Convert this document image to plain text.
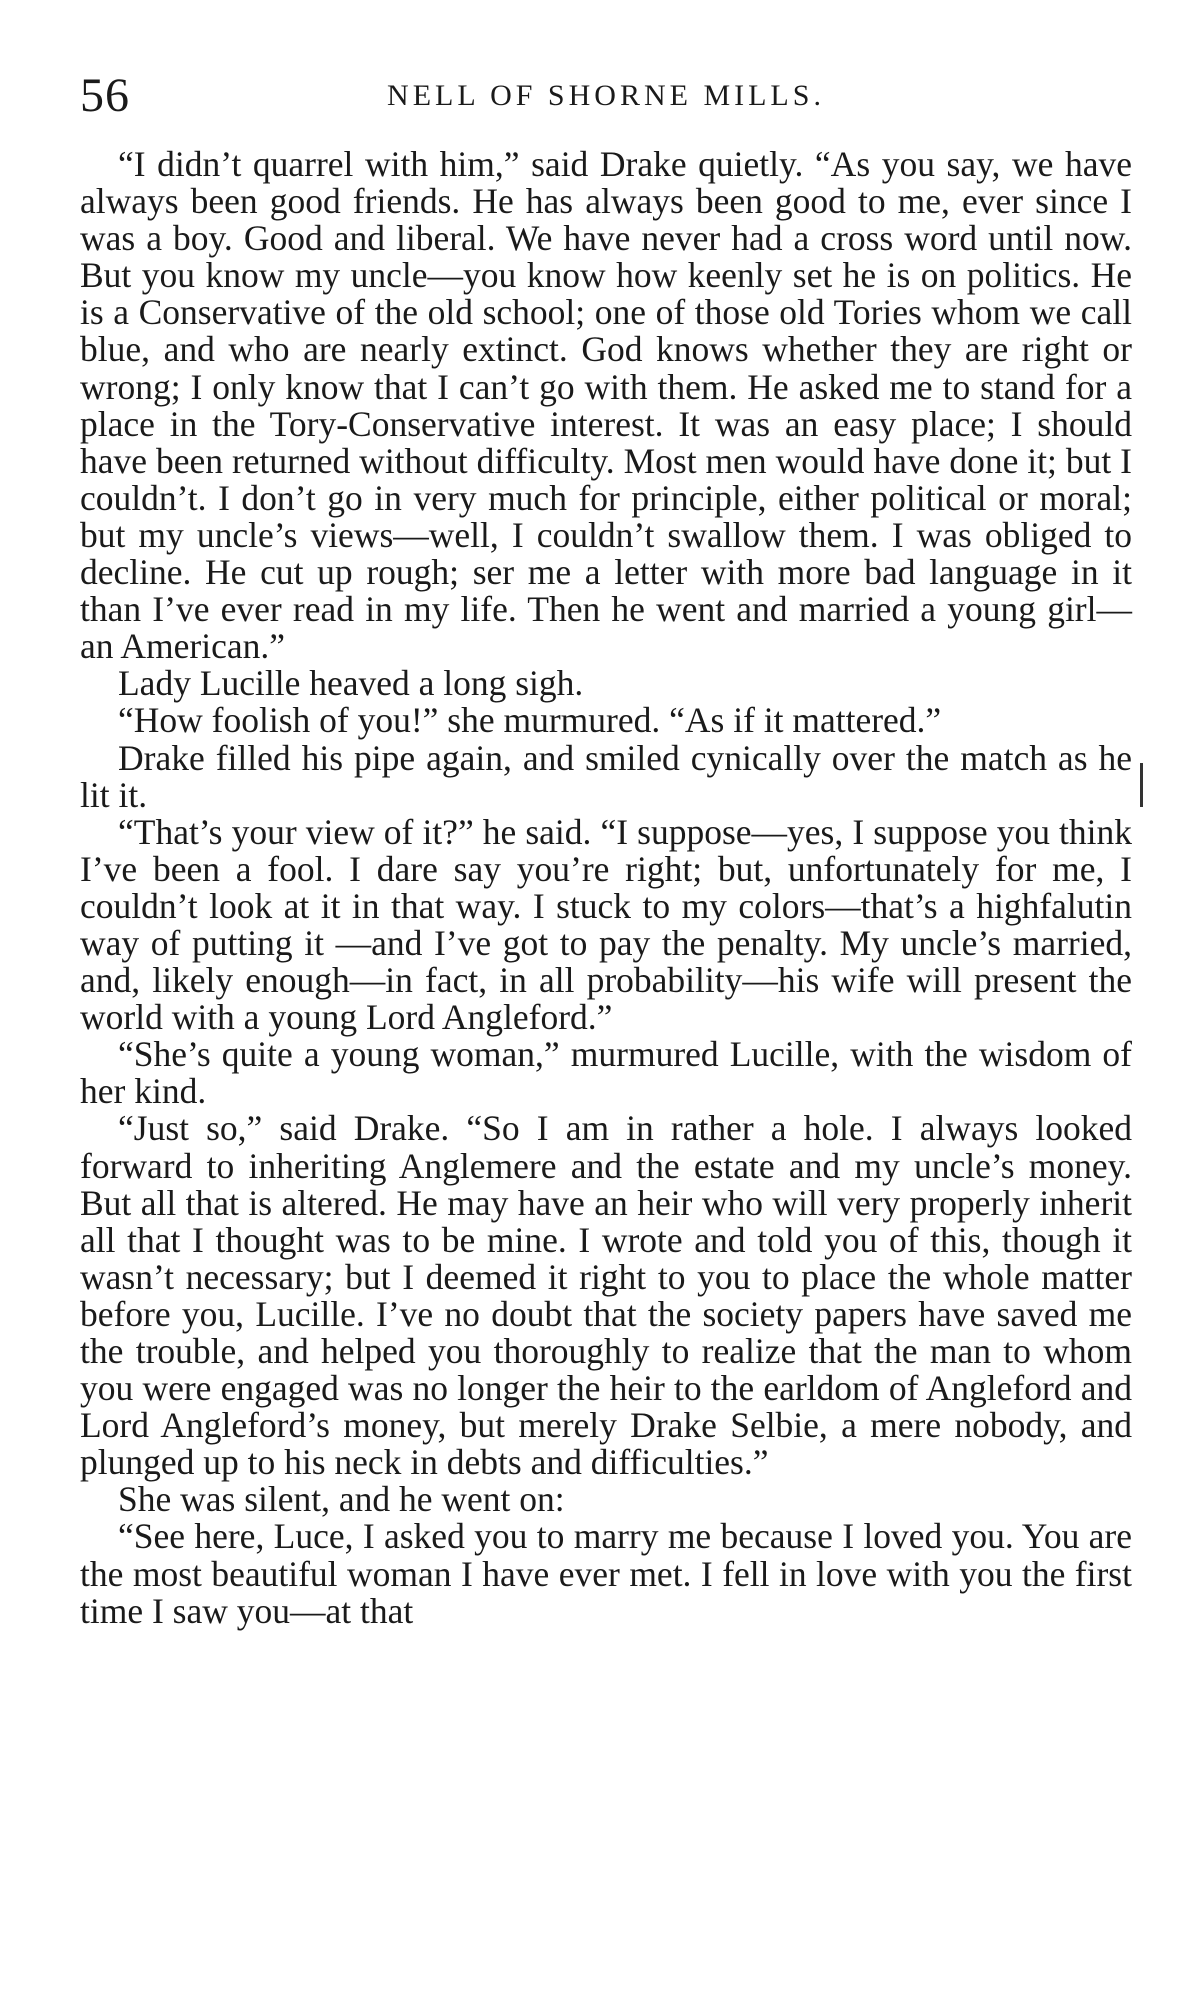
56	NELL OF SHORNE MILLS.

“I didn’t quarrel with him,” said Drake quietly. “As you say, we have always been good friends. He has always been good to me, ever since I was a boy. Good and liberal. We have never had a cross word until now. But you know my uncle—you know how keenly set he is on politics. He is a Conservative of the old school; one of those old Tories whom we call blue, and who are nearly extinct. God knows whether they are right or wrong; I only know that I can’t go with them. He asked me to stand for a place in the Tory-Conservative interest. It was an easy place; I should have been returned without difficulty. Most men would have done it; but I couldn’t. I don’t go in very much for principle, either political or moral; but my uncle’s views—well, I couldn’t swallow them. I was obliged to decline. He cut up rough; ser me a letter with more bad language in it than I’ve ever read in my life. Then he went and married a young girl—an American.”

Lady Lucille heaved a long sigh.

“How foolish of you!” she murmured. “As if it mattered.”

Drake filled his pipe again, and smiled cynically over the match as he lit it.

“That’s your view of it?” he said. “I suppose—yes, I suppose you think I’ve been a fool. I dare say you’re right; but, unfortunately for me, I couldn’t look at it in that way. I stuck to my colors—that’s a highfalutin way of putting it —and I’ve got to pay the penalty. My uncle’s married, and, likely enough—in fact, in all probability—his wife will present the world with a young Lord Angleford.”

“She’s quite a young woman,” murmured Lucille, with the wisdom of her kind.

“Just so,” said Drake. “So I am in rather a hole. I always looked forward to inheriting Anglemere and the estate and my uncle’s money. But all that is altered. He may have an heir who will very properly inherit all that I thought was to be mine. I wrote and told you of this, though it wasn’t necessary; but I deemed it right to you to place the whole matter before you, Lucille. I’ve no doubt that the society papers have saved me the trouble, and helped you thoroughly to realize that the man to whom you were engaged was no longer the heir to the earldom of Angleford and Lord Angleford’s money, but merely Drake Selbie, a mere nobody, and plunged up to his neck in debts and difficulties.”

She was silent, and he went on:

“See here, Luce, I asked you to marry me because I loved you. You are the most beautiful woman I have ever met. I fell in love with you the first time I saw you—at that
